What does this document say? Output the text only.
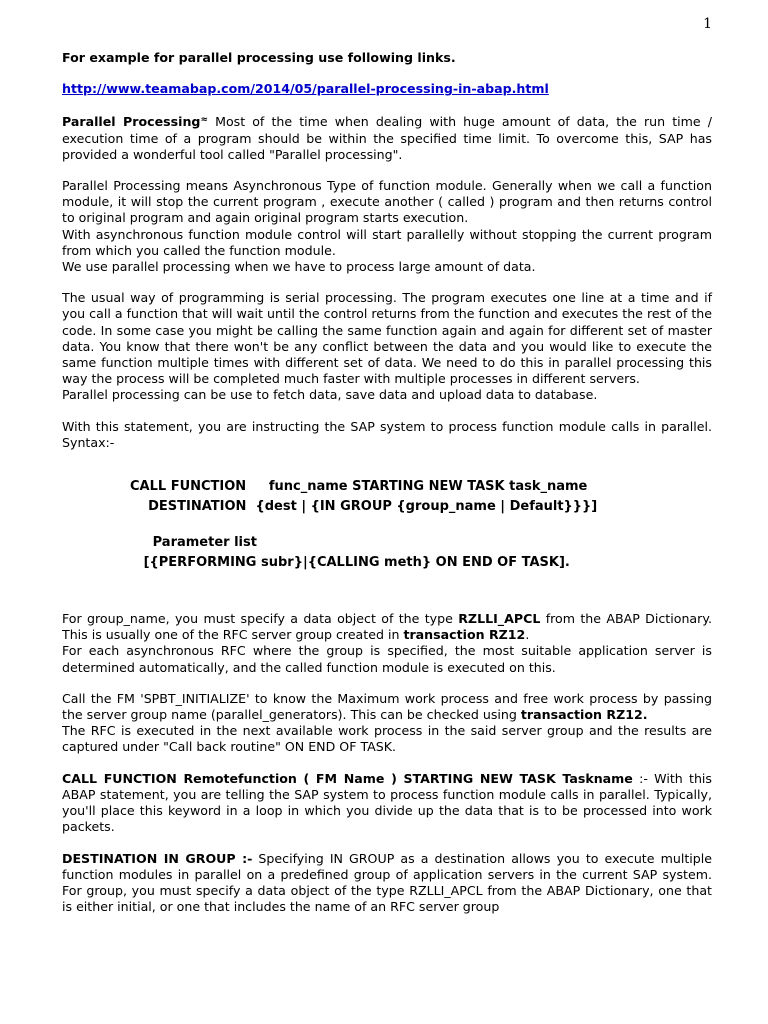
1

For example for parallel processing use following links.

http://www.teamabap.com/2014/05/parallel-processing-in-abap.html

Parallel Processing≈ Most of the time when dealing with huge amount of data, the run time / execution time of a program should be within the specified time limit. To overcome this, SAP has provided a wonderful tool called "Parallel processing".

Parallel Processing means Asynchronous Type of function module. Generally when we call a function module, it will stop the current program , execute another ( called ) program and then returns control to original program and again original program starts execution.

With asynchronous function module control will start parallelly without stopping the current program from which you called the function module.

We use parallel processing when we have to process large amount of data.

The usual way of programming is serial processing. The program executes one line at a time and if you call a function that will wait until the control returns from the function and executes the rest of the code. In some case you might be calling the same function again and again for different set of master data. You know that there won't be any conflict between the data and you would like to execute the same function multiple times with different set of data. We need to do this in parallel processing this way the process will be completed much faster with multiple processes in different servers.

Parallel processing can be use to fetch data, save data and upload data to database.

With this statement, you are instructing the SAP system to process function module calls in parallel. Syntax:-

CALL FUNCTION     func_name STARTING NEW TASK task_name
DESTINATION  {dest | {IN GROUP {group_name | Default}}}]
Parameter list
[{PERFORMING subr}|{CALLING meth} ON END OF TASK].

For group_name, you must specify a data object of the type RZLLI_APCL from the ABAP Dictionary. This is usually one of the RFC server group created in transaction RZ12.

For each asynchronous RFC where the group is specified, the most suitable application server is determined automatically, and the called function module is executed on this.

Call the FM 'SPBT_INITIALIZE' to know the Maximum work process and free work process by passing the server group name (parallel_generators). This can be checked using transaction RZ12.

The RFC is executed in the next available work process in the said server group and the results are captured under "Call back routine" ON END OF TASK.

CALL FUNCTION Remotefunction ( FM Name ) STARTING NEW TASK Taskname :- With this ABAP statement, you are telling the SAP system to process function module calls in parallel. Typically, you'll place this keyword in a loop in which you divide up the data that is to be processed into work packets.

DESTINATION IN GROUP :- Specifying IN GROUP as a destination allows you to execute multiple function modules in parallel on a predefined group of application servers in the current SAP system. For group, you must specify a data object of the type RZLLI_APCL from the ABAP Dictionary, one that is either initial, or one that includes the name of an RFC server group
